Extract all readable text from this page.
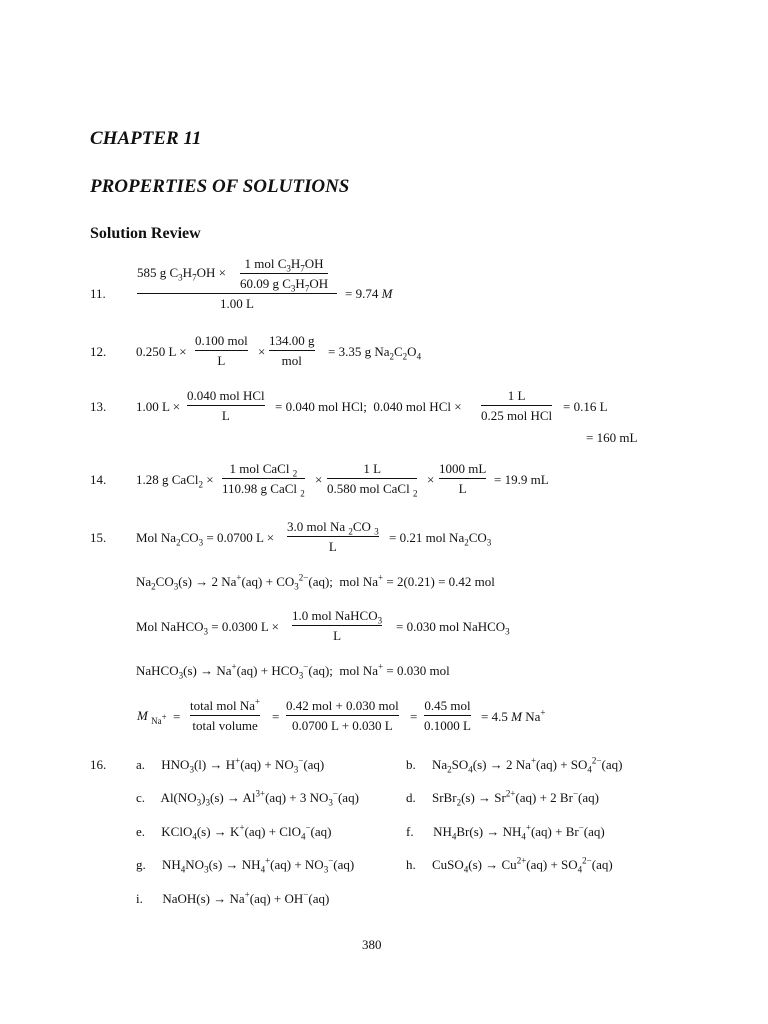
CHAPTER 11
PROPERTIES OF SOLUTIONS
Solution Review
11.
12.
13.
14.
15.
16.
585 g $C_3H_7OH$ ×
1 mol $C_3H_7OH$
60.09 g $C_3H_7OH$
1.00 L
= 9.74 M
0.250 L ×
0.100 mol
L
×
134.00 g
mol
= 3.35 g $Na_2C_2O_4$
1.00 L ×
0.040 mol HCl
L
= 0.040 mol HCl;  0.040 mol HCl ×
1 L
0.25 mol HCl
= 0.16 L
= 160 mL
1.28 g CaCl$_2$ ×
1 mol CaCl $_2$
110.98 g CaCl $_2$
×
1 L
0.580 mol CaCl $_2$
× $\frac{1000 mL}{L} = 19.9$ mL
Mol $Na_2CO_3 = 0.0700$ L ×
3.0 mol Na $_2$CO $_3$
L
= 0.21 mol $Na_2CO_3$
$Na_2CO_3(s) \to 2$ $Na^+(aq) + CO_3^{2-}(aq)$;  mol Na+ = 2(0.21) = 0.42 mol
Mol NaHCO$_3$ = 0.0300 L ×
1.0 mol NaHCO$_3$
L
= 0.030 mol NaHCO$_3$
NaHCO$_3$(s) → $Na^+(aq) + HCO_3^-(aq)$;  mol Na+ = 0.030 mol
M $_{Na^+}$ =
total mol Na+
total volume
=
0.42 mol + 0.030 mol
0.0700 L + 0.030 L
=
0.45 mol
0.1000 L
= 4.5 M Na+
a.     $HNO_3(l) \to H^+(aq) + NO_3^-(aq)$	b.     $Na_2SO_4(s) \to 2$ $Na^+(aq) + SO_4^{2-}(aq)$
c.     $Al(NO_3)_3(s) \to Al^{3+}(aq) + 3$ $NO_3^-(aq)$	d.     SrBr$_2$(s) → $Sr^{2+}(aq) + 2$ Br−(aq)
e.     KClO$_4$(s) → K+(aq) + ClO$_4$−(aq)	f.      $NH_4Br(s) \to NH_4^+(aq) + Br^-(aq)$
g.     $NH_4NO_3(s) \to NH_4^+(aq) + NO_3^-(aq)$	h.     CuSO$_4$(s) → $Cu^{2+}(aq) + SO_4^{2-}(aq)$
i.      NaOH(s) → Na+(aq) + OH−(aq)
380
